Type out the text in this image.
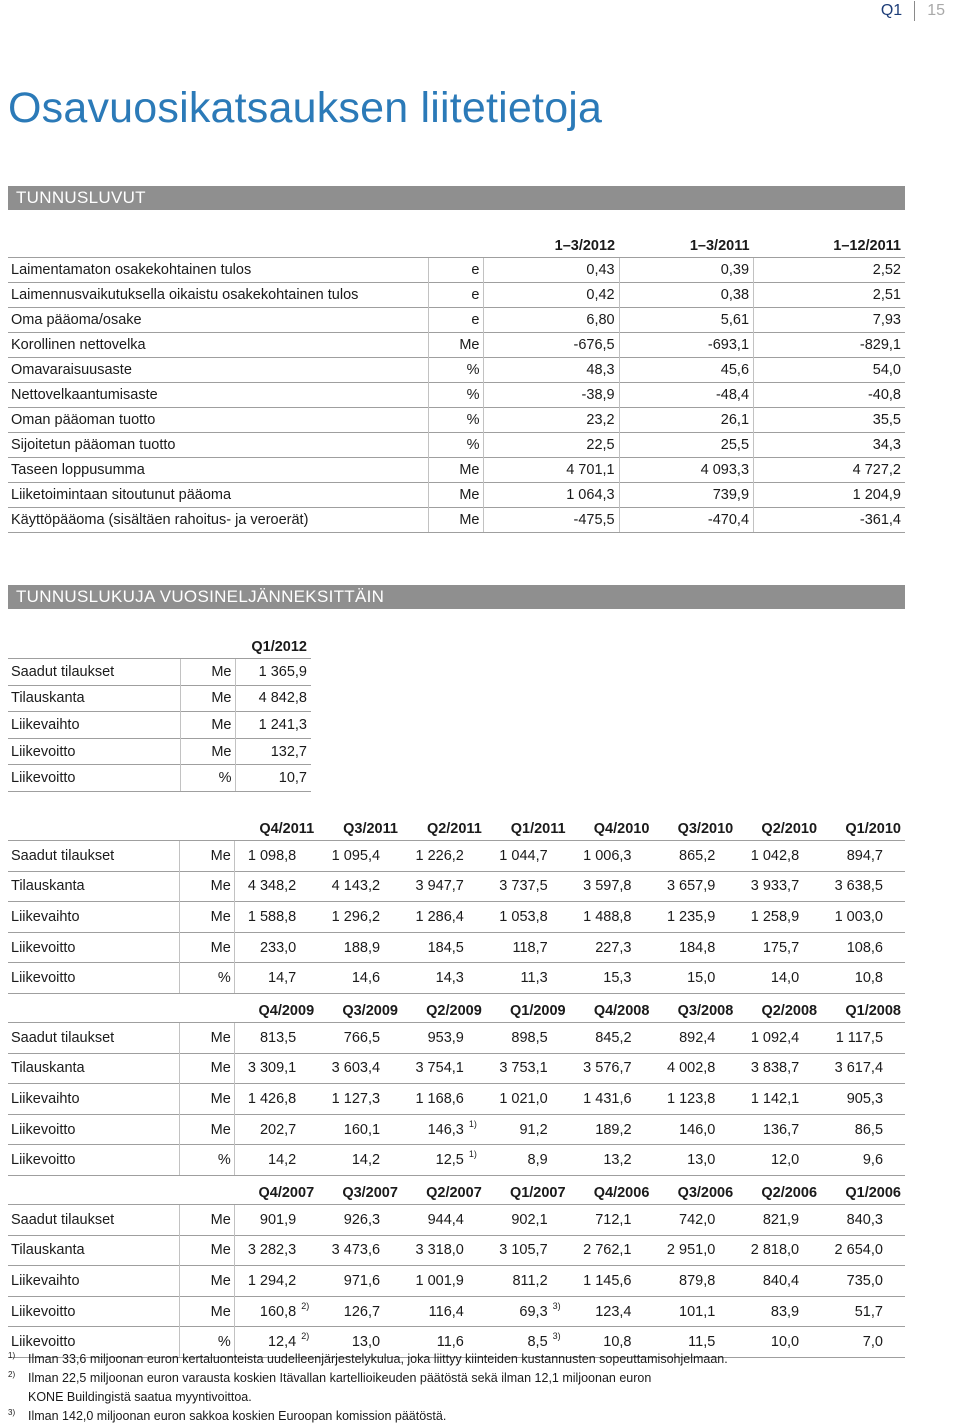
Q1	15
Osavuosikatsauksen liitetietoja
TUNNUSLUVUT
		1–3/2012	1–3/2011	1–12/2011
Laimentamaton osakekohtainen tulos	e	0,43	0,39	2,52
Laimennusvaikutuksella oikaistu osakekohtainen tulos	e	0,42	0,38	2,51
Oma pääoma/osake	e	6,80	5,61	7,93
Korollinen nettovelka	Me	-676,5	-693,1	-829,1
Omavaraisuusaste	%	48,3	45,6	54,0
Nettovelkaantumisaste	%	-38,9	-48,4	-40,8
Oman pääoman tuotto	%	23,2	26,1	35,5
Sijoitetun pääoman tuotto	%	22,5	25,5	34,3
Taseen loppusumma	Me	4 701,1	4 093,3	4 727,2
Liiketoimintaan sitoutunut pääoma	Me	1 064,3	739,9	1 204,9
Käyttöpääoma (sisältäen rahoitus- ja veroerät)	Me	-475,5	-470,4	-361,4
TUNNUSLUKUJA VUOSINELJÄNNEKSITTÄIN
		Q1/2012
Saadut tilaukset	Me	1 365,9
Tilauskanta	Me	4 842,8
Liikevaihto	Me	1 241,3
Liikevoitto	Me	132,7
Liikevoitto	%	10,7
		Q4/2011		Q3/2011		Q2/2011		Q1/2011		Q4/2010		Q3/2010		Q2/2010		Q1/2010	
Saadut tilaukset	Me	1 098,8		1 095,4		1 226,2		1 044,7		1 006,3		865,2		1 042,8		894,7	
Tilauskanta	Me	4 348,2		4 143,2		3 947,7		3 737,5		3 597,8		3 657,9		3 933,7		3 638,5	
Liikevaihto	Me	1 588,8		1 296,2		1 286,4		1 053,8		1 488,8		1 235,9		1 258,9		1 003,0	
Liikevoitto	Me	233,0		188,9		184,5		118,7		227,3		184,8		175,7		108,6	
Liikevoitto	%	14,7		14,6		14,3		11,3		15,3		15,0		14,0		10,8	
		Q4/2009		Q3/2009		Q2/2009		Q1/2009		Q4/2008		Q3/2008		Q2/2008		Q1/2008	
Saadut tilaukset	Me	813,5		766,5		953,9		898,5		845,2		892,4		1 092,4		1 117,5	
Tilauskanta	Me	3 309,1		3 603,4		3 754,1		3 753,1		3 576,7		4 002,8		3 838,7		3 617,4	
Liikevaihto	Me	1 426,8		1 127,3		1 168,6		1 021,0		1 431,6		1 123,8		1 142,1		905,3	
Liikevoitto	Me	202,7		160,1		146,3	1)	91,2		189,2		146,0		136,7		86,5	
Liikevoitto	%	14,2		14,2		12,5	1)	8,9		13,2		13,0		12,0		9,6	
		Q4/2007		Q3/2007		Q2/2007		Q1/2007		Q4/2006		Q3/2006		Q2/2006		Q1/2006	
Saadut tilaukset	Me	901,9		926,3		944,4		902,1		712,1		742,0		821,9		840,3	
Tilauskanta	Me	3 282,3		3 473,6		3 318,0		3 105,7		2 762,1		2 951,0		2 818,0		2 654,0	
Liikevaihto	Me	1 294,2		971,6		1 001,9		811,2		1 145,6		879,8		840,4		735,0	
Liikevoitto	Me	160,8	2)	126,7		116,4		69,3	3)	123,4		101,1		83,9		51,7	
Liikevoitto	%	12,4	2)	13,0		11,6		8,5	3)	10,8		11,5		10,0		7,0	
1)	Ilman 33,6 miljoonan euron kertaluonteista uudelleenjärjestelykulua, joka liittyy kiinteiden kustannusten sopeuttamisohjelmaan.
2)	Ilman 22,5 miljoonan euron varausta koskien Itävallan kartellioikeuden päätöstä sekä ilman 12,1 miljoonan euron
KONE Buildingistä saatua myyntivoittoa.
3)	Ilman 142,0 miljoonan euron sakkoa koskien Euroopan komission päätöstä.
